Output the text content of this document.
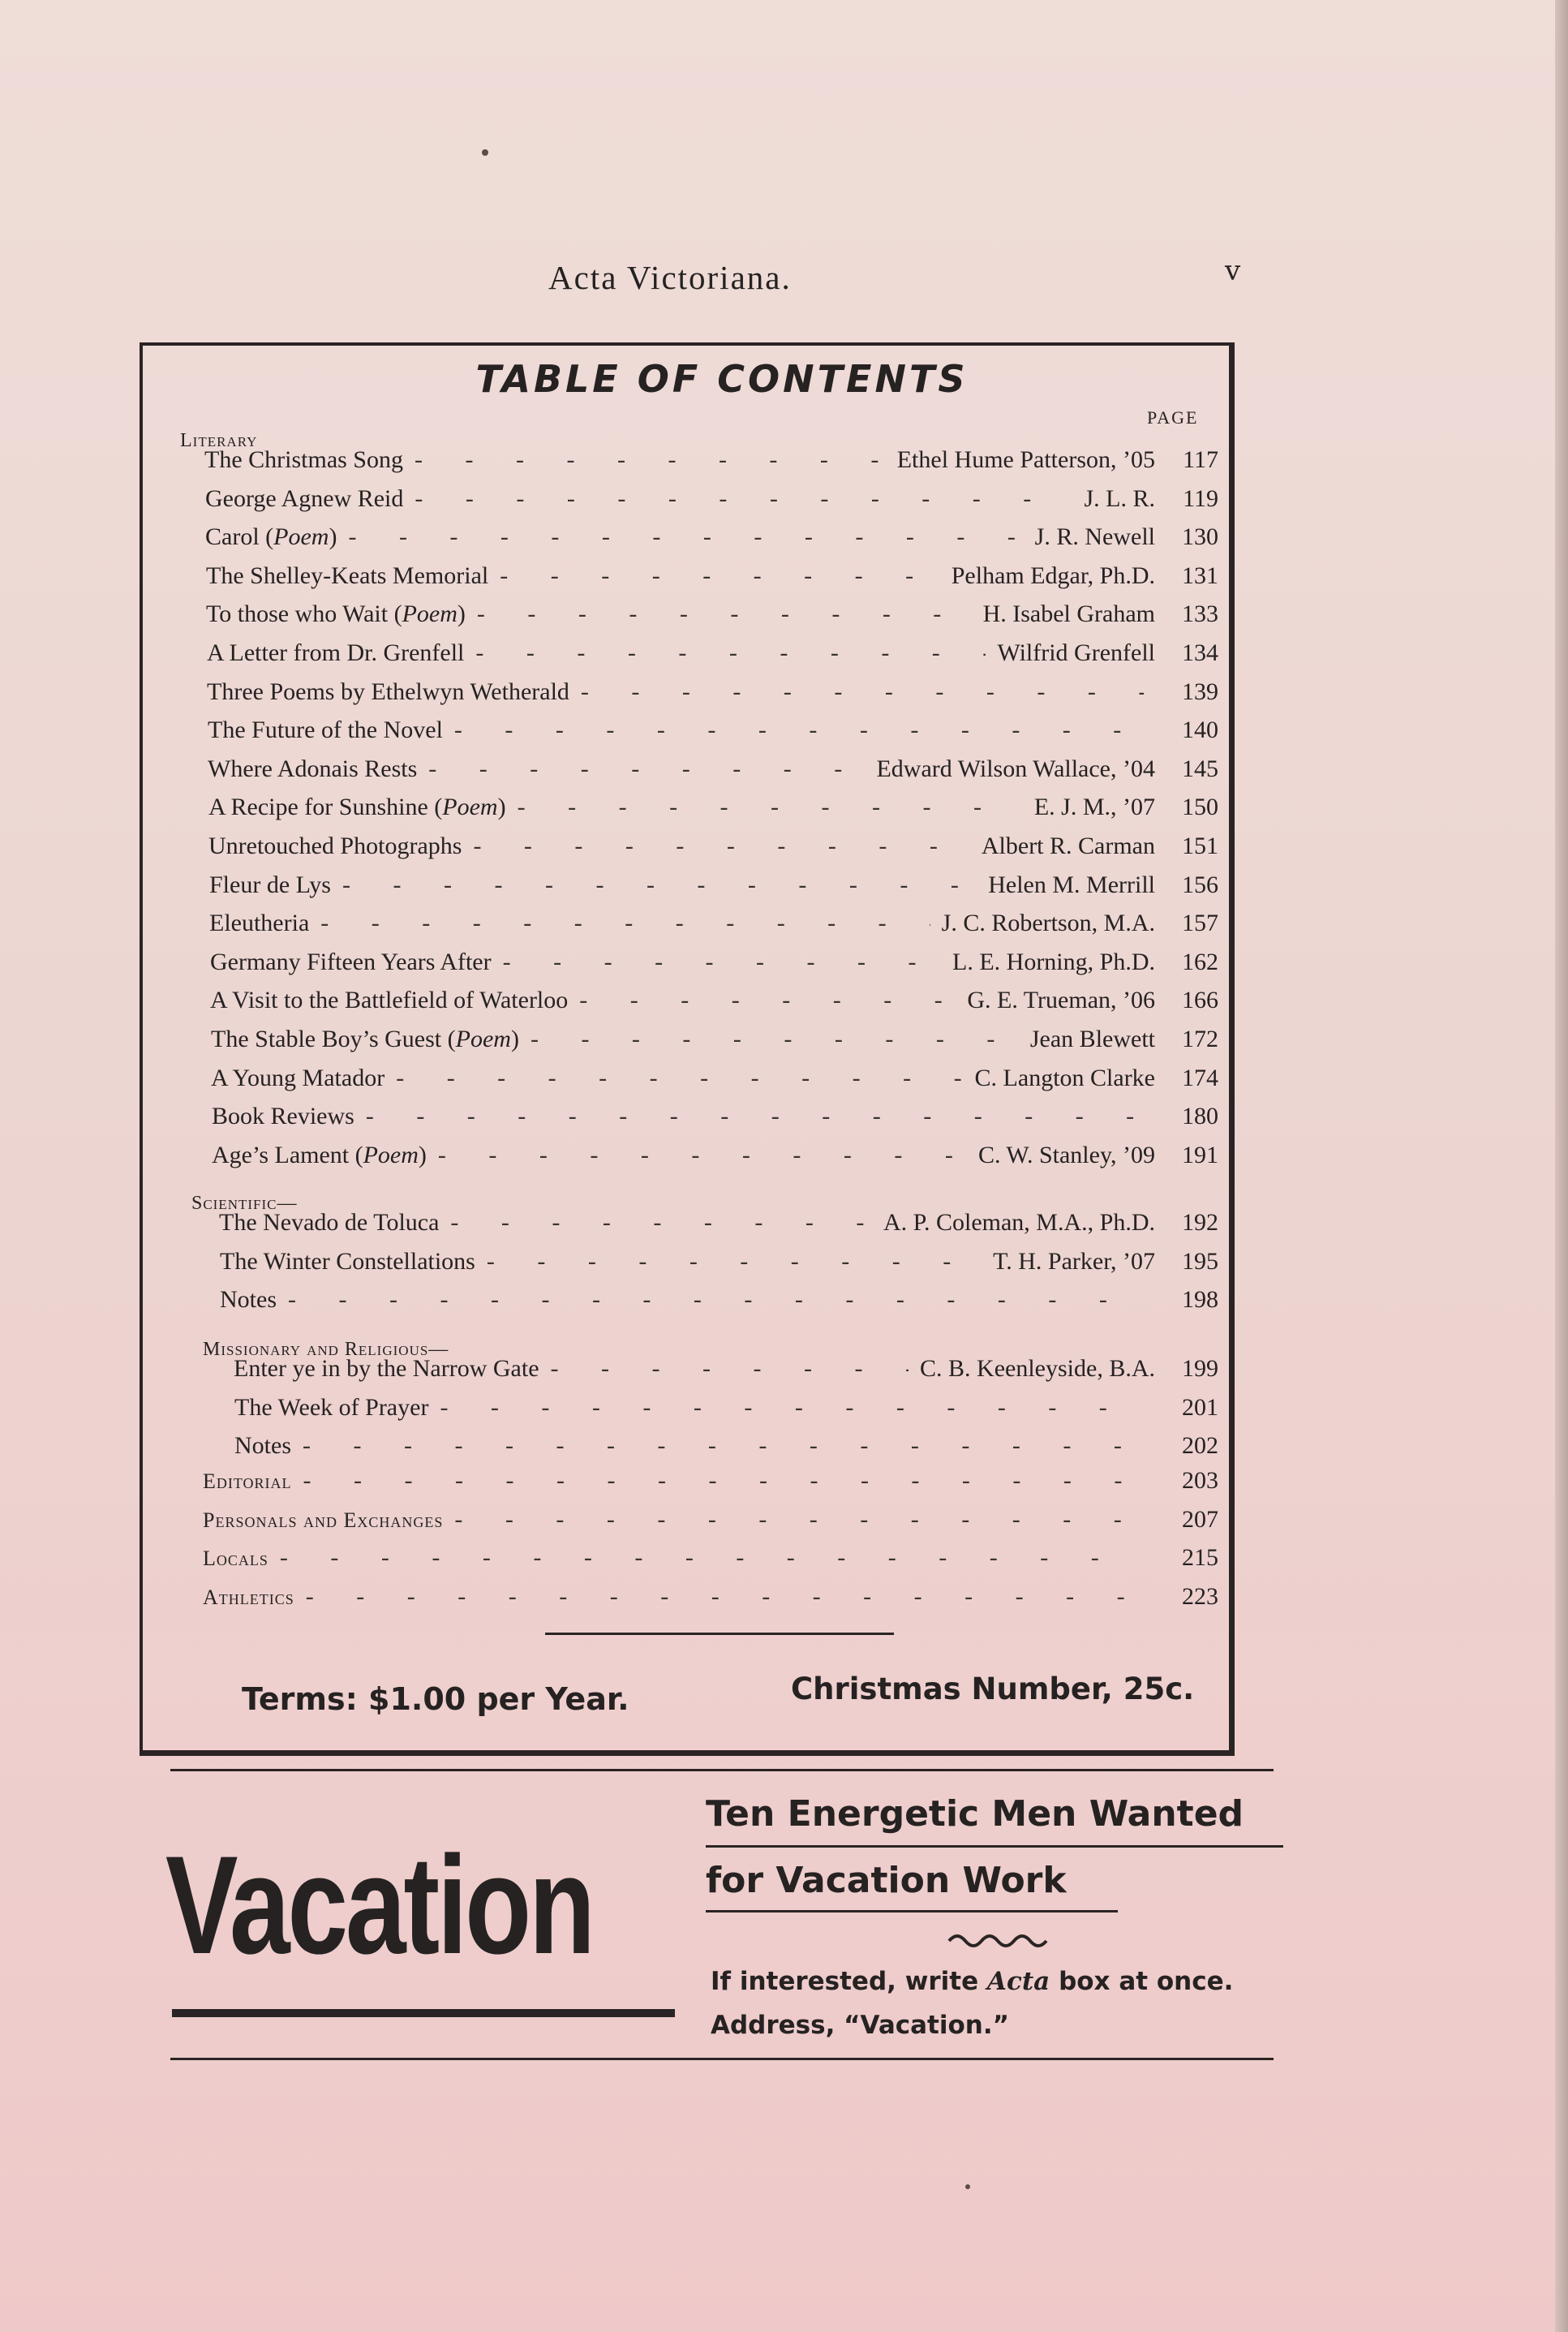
Acta Victoriana.	v
TABLE OF CONTENTS
PAGE
Literary
The Christmas Song -	Ethel Hume Patterson, ’05	117
George Agnew Reid -	J. L. R.	119
Carol (Poem) -	J. R. Newell	130
The Shelley-Keats Memorial -	Pelham Edgar, Ph.D.	131
To those who Wait (Poem) -	H. Isabel Graham	133
A Letter from Dr. Grenfell -	Wilfrid Grenfell	134
Three Poems by Ethelwyn Wetherald -	139
The Future of the Novel -	140
Where Adonais Rests -	Edward Wilson Wallace, ’04	145
A Recipe for Sunshine (Poem) -	E. J. M., ’07	150
Unretouched Photographs -	Albert R. Carman	151
Fleur de Lys -	Helen M. Merrill	156
Eleutheria -	J. C. Robertson, M.A.	157
Germany Fifteen Years After -	L. E. Horning, Ph.D.	162
A Visit to the Battlefield of Waterloo -	G. E. Trueman, ’06	166
The Stable Boy’s Guest (Poem) -	Jean Blewett	172
A Young Matador -	C. Langton Clarke	174
Book Reviews -	180
Age’s Lament (Poem) -	C. W. Stanley, ’09	191
Scientific—
The Nevado de Toluca -	A. P. Coleman, M.A., Ph.D.	192
The Winter Constellations -	T. H. Parker, ’07	195
Notes -	198
Missionary and Religious—
Enter ye in by the Narrow Gate -	C. B. Keenleyside, B.A.	199
The Week of Prayer -	201
Notes -	202
Editorial -	203
Personals and Exchanges -	207
Locals -	215
Athletics -	223
Terms: $1.00 per Year.	Christmas Number, 25c.
Vacation
Ten Energetic Men Wanted
for Vacation Work
If interested, write Acta box at once.
Address, “Vacation.”
